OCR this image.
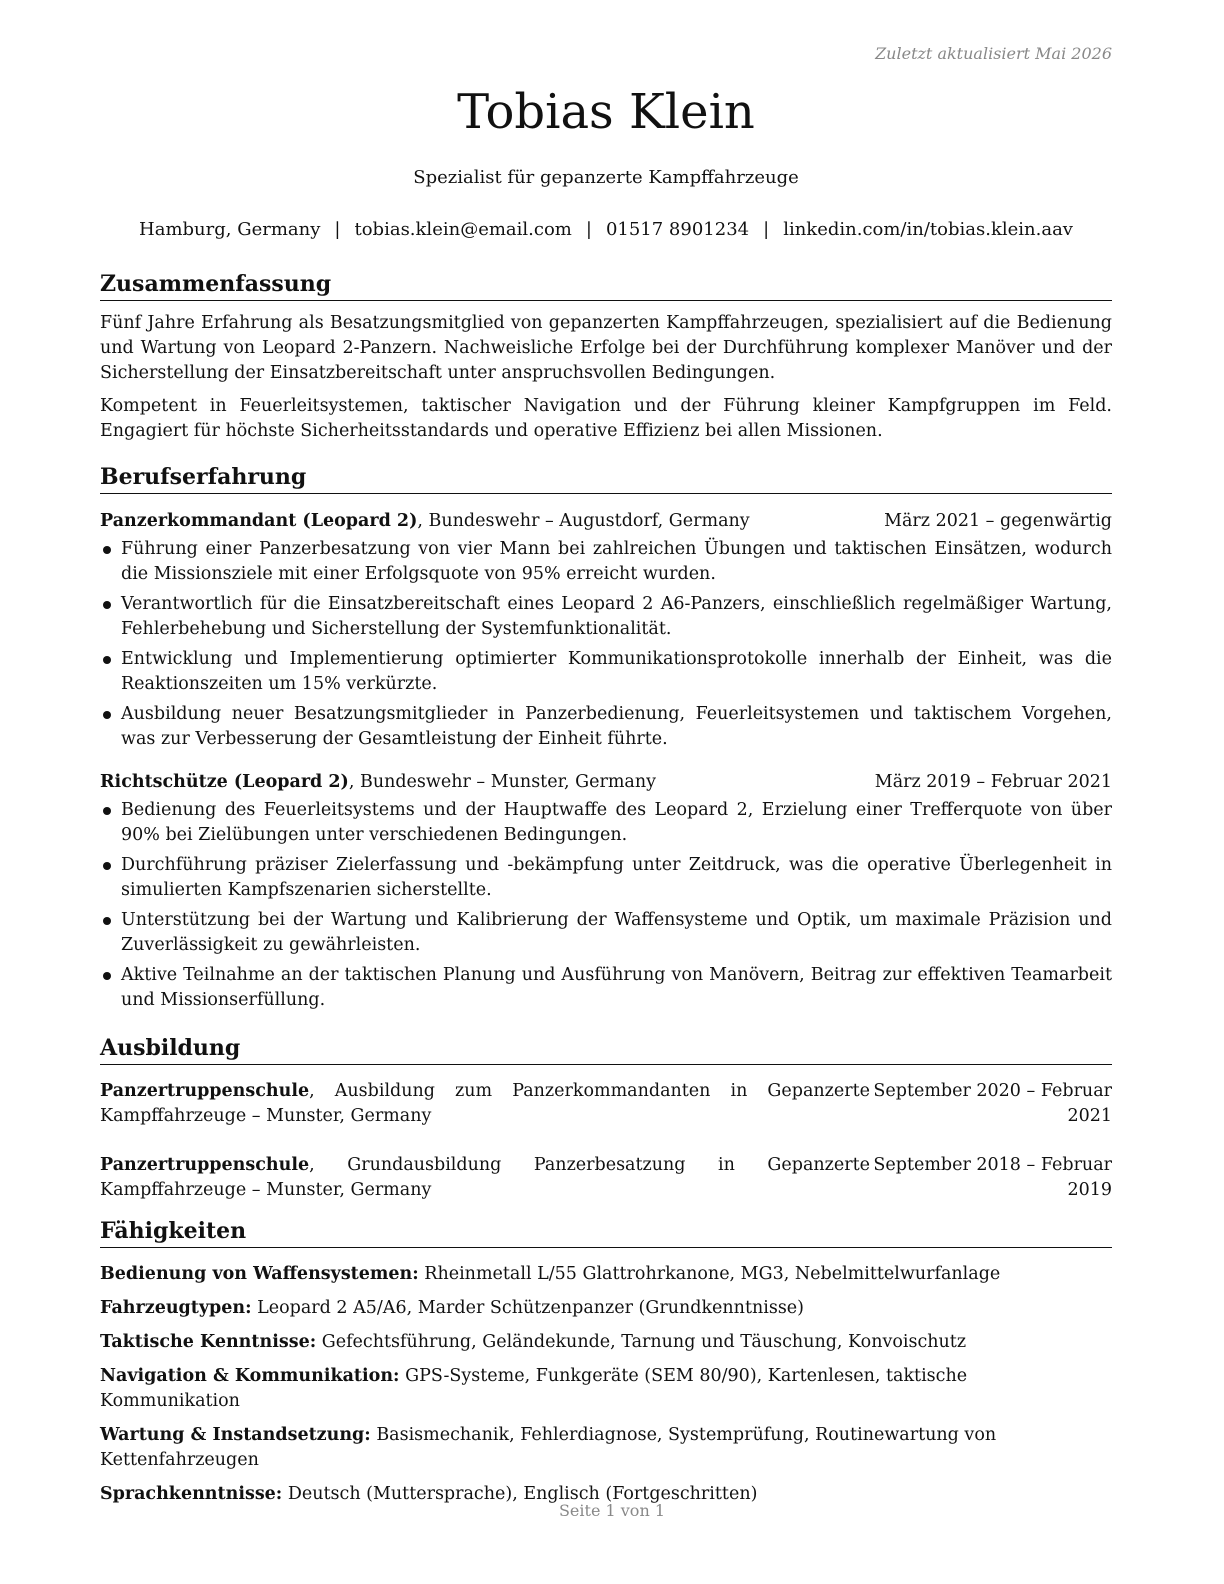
Zuletzt aktualisiert Mai 2026
Tobias Klein
Spezialist für gepanzerte Kampffahrzeuge
Hamburg, Germany | tobias.klein@email.com | 01517 8901234 | linkedin.com/in/tobias.klein.aav
Zusammenfassung

Fünf Jahre Erfahrung als Besatzungsmitglied von gepanzerten Kampffahrzeugen, spezialisiert auf die Bedienung und Wartung von Leopard 2-Panzern. Nachweisliche Erfolge bei der Durchführung komplexer Manöver und der Sicherstellung der Einsatzbereitschaft unter anspruchsvollen Bedingungen.

Kompetent in Feuerleitsystemen, taktischer Navigation und der Führung kleiner Kampfgruppen im Feld. Engagiert für höchste Sicherheitsstandards und operative Effizienz bei allen Missionen.

Berufserfahrung
Panzerkommandant (Leopard 2), Bundeswehr – Augustdorf, Germany	März 2021 – gegenwärtig
Führung einer Panzerbesatzung von vier Mann bei zahlreichen Übungen und taktischen Einsätzen, wodurch die Missionsziele mit einer Erfolgsquote von 95% erreicht wurden.
Verantwortlich für die Einsatzbereitschaft eines Leopard 2 A6-Panzers, einschließlich regelmäßiger Wartung, Fehlerbehebung und Sicherstellung der Systemfunktionalität.
Entwicklung und Implementierung optimierter Kommunikationsprotokolle innerhalb der Einheit, was die Reaktionszeiten um 15% verkürzte.
Ausbildung neuer Besatzungsmitglieder in Panzerbedienung, Feuerleitsystemen und taktischem Vorgehen, was zur Verbesserung der Gesamtleistung der Einheit führte.
Richtschütze (Leopard 2), Bundeswehr – Munster, Germany	März 2019 – Februar 2021
Bedienung des Feuerleitsystems und der Hauptwaffe des Leopard 2, Erzielung einer Trefferquote von über 90% bei Zielübungen unter verschiedenen Bedingungen.
Durchführung präziser Zielerfassung und -bekämpfung unter Zeitdruck, was die operative Überlegenheit in simulierten Kampfszenarien sicherstellte.
Unterstützung bei der Wartung und Kalibrierung der Waffensysteme und Optik, um maximale Präzision und Zuverlässigkeit zu gewährleisten.
Aktive Teilnahme an der taktischen Planung und Ausführung von Manövern, Beitrag zur effektiven Teamarbeit und Missionserfüllung.
Ausbildung
Panzertruppenschule, Ausbildung zum Panzerkommandanten in Gepanzerte Kampffahrzeuge – Munster, Germany
September 2020 – Februar 2021
Panzertruppenschule, Grundausbildung Panzerbesatzung in Gepanzerte Kampffahrzeuge – Munster, Germany
September 2018 – Februar 2019
Fähigkeiten
Bedienung von Waffensystemen: Rheinmetall L/55 Glattrohrkanone, MG3, Nebelmittelwurfanlage
Fahrzeugtypen: Leopard 2 A5/A6, Marder Schützenpanzer (Grundkenntnisse)
Taktische Kenntnisse: Gefechtsführung, Geländekunde, Tarnung und Täuschung, Konvoischutz
Navigation & Kommunikation: GPS-Systeme, Funkgeräte (SEM 80/90), Kartenlesen, taktische Kommunikation
Wartung & Instandsetzung: Basismechanik, Fehlerdiagnose, Systemprüfung, Routinewartung von Kettenfahrzeugen
Sprachkenntnisse: Deutsch (Muttersprache), Englisch (Fortgeschritten)
Seite 1 von 1
